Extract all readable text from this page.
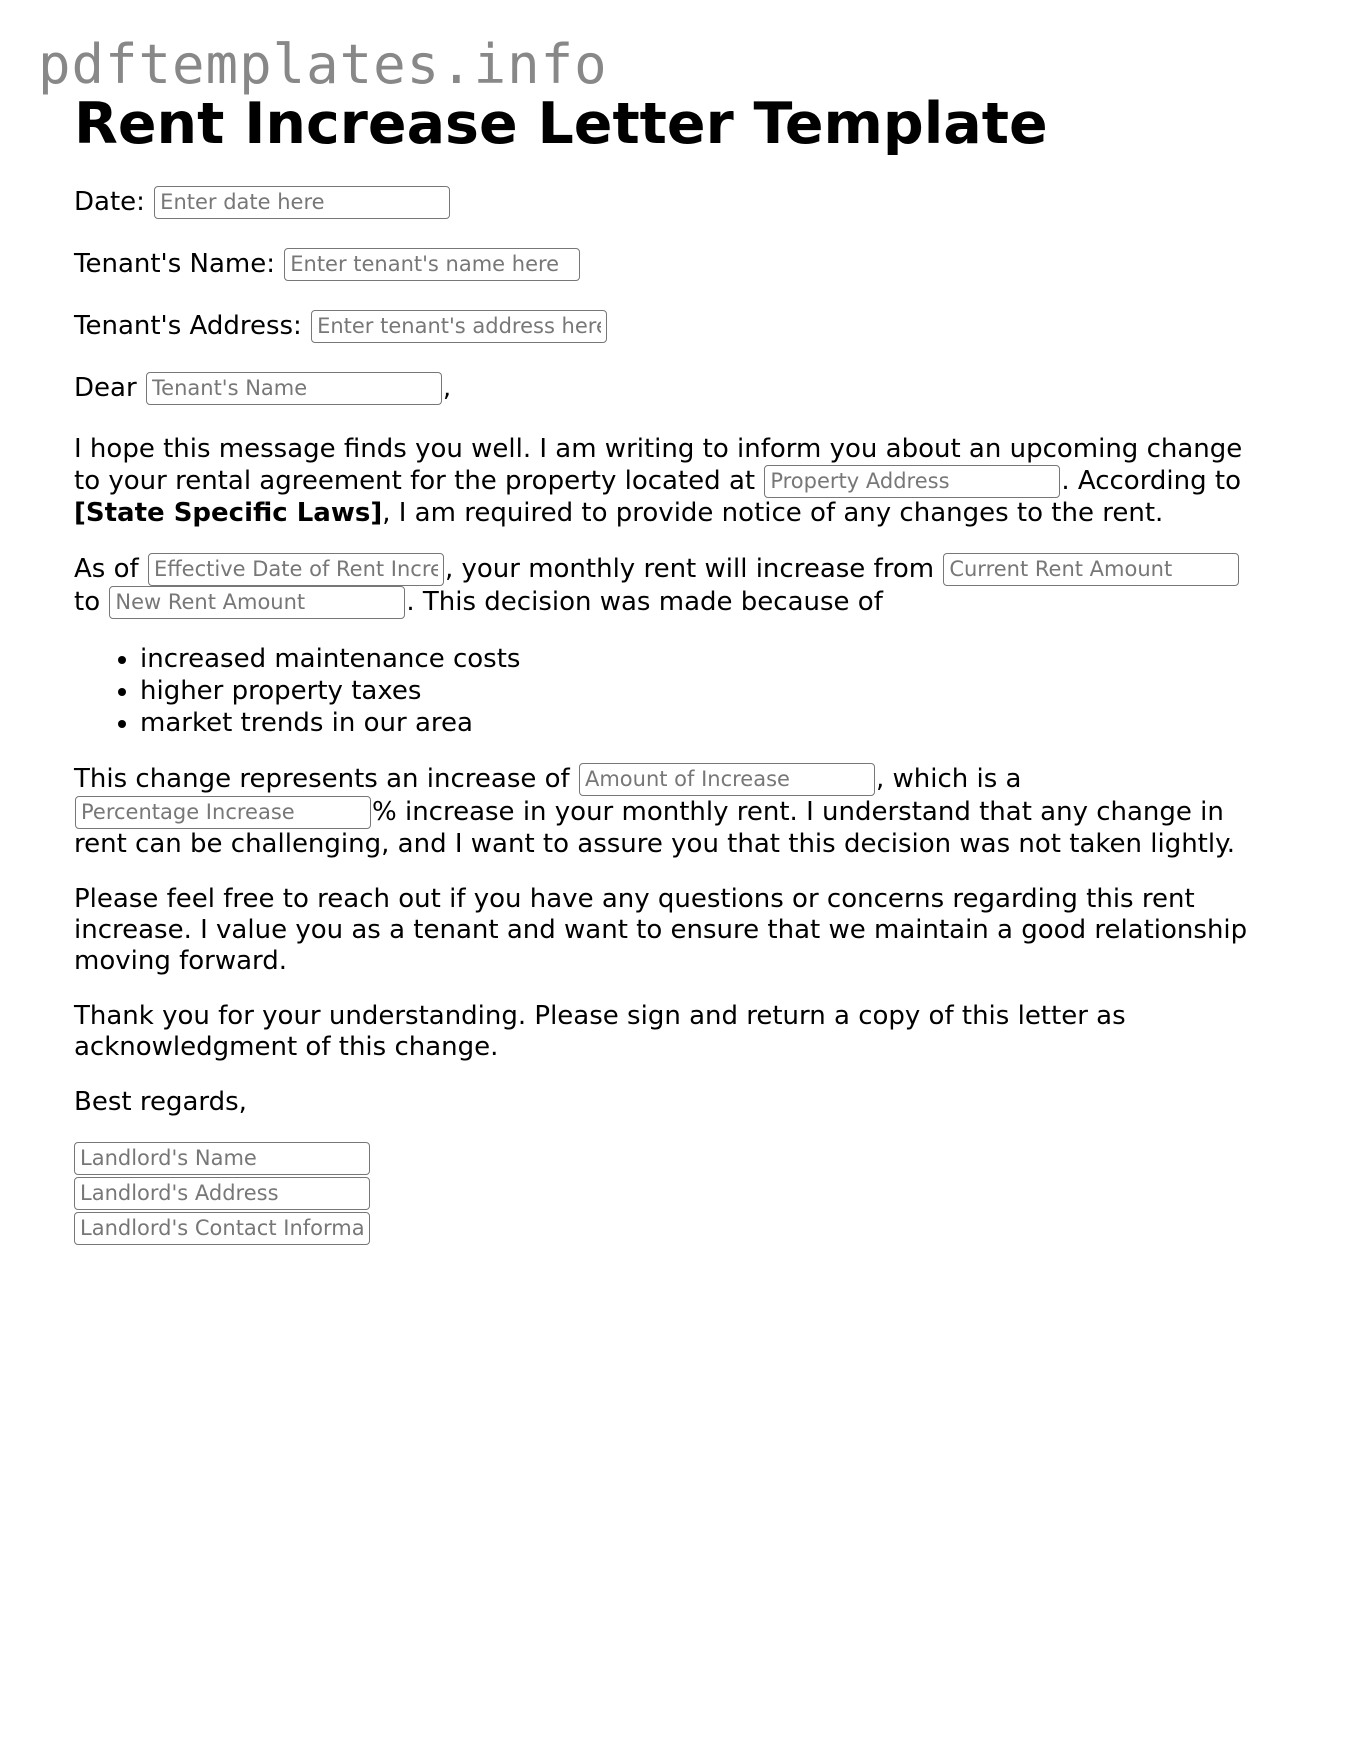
pdftemplates.info
Rent Increase Letter Template

Date: Enter date here

Tenant's Name: Enter tenant's name here

Tenant's Address: Enter tenant's address here

Dear Tenant's Name	,

I hope this message finds you well. I am writing to inform you about an upcoming change to your rental agreement for the property located at Property Address	. According to [State Specific Laws], I am required to provide notice of any changes to the rent.

As of Effective Date of Rent Increase	, your monthly rent will increase from Current Rent Amount to New Rent Amount	. This decision was made because of

• increased maintenance costs
• higher property taxes
• market trends in our area

This change represents an increase of Amount of Increase	, which is a Percentage Increase% increase in your monthly rent. I understand that any change in rent can be challenging, and I want to assure you that this decision was not taken lightly.

Please feel free to reach out if you have any questions or concerns regarding this rent increase. I value you as a tenant and want to ensure that we maintain a good relationship moving forward.

Thank you for your understanding. Please sign and return a copy of this letter as acknowledgment of this change.

Best regards,

Landlord's Name
Landlord's Address
Landlord's Contact Information
